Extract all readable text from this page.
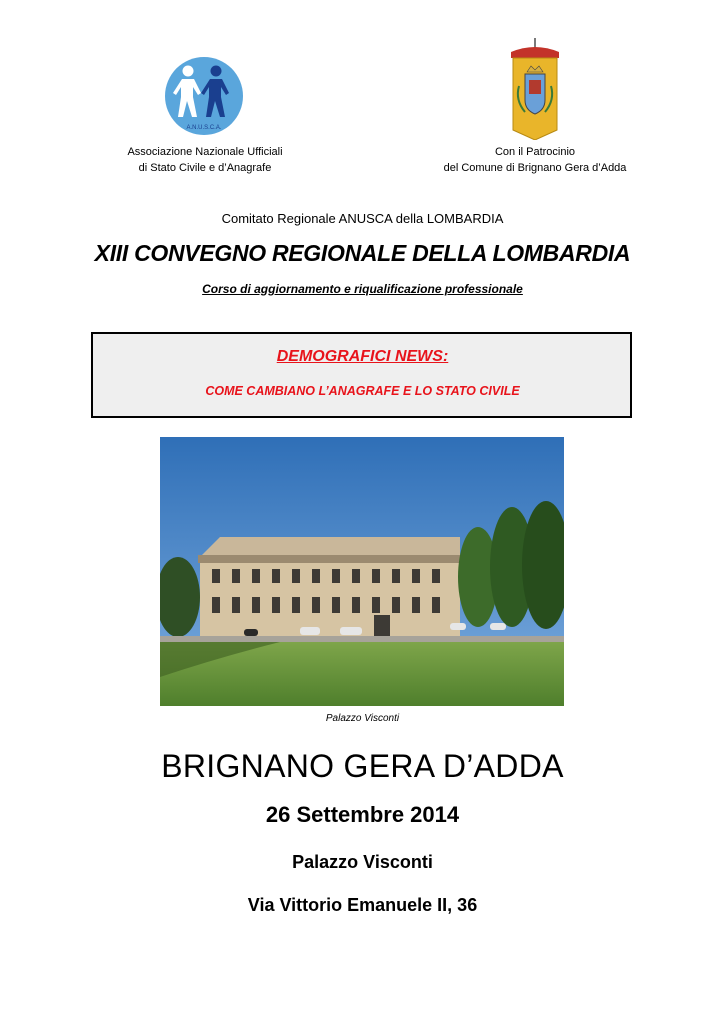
A.N.U.S.C.A.
Associazione Nazionale Ufficiali
di Stato Civile e d’Anagrafe
Con il Patrocinio
del Comune di Brignano Gera d’Adda
Comitato Regionale ANUSCA della LOMBARDIA
XIII CONVEGNO REGIONALE DELLA LOMBARDIA
Corso di aggiornamento e riqualificazione professionale
DEMOGRAFICI NEWS:
COME CAMBIANO L’ANAGRAFE E LO STATO CIVILE
Palazzo Visconti
BRIGNANO GERA D’ADDA
26 Settembre 2014
Palazzo Visconti
Via Vittorio Emanuele II, 36
